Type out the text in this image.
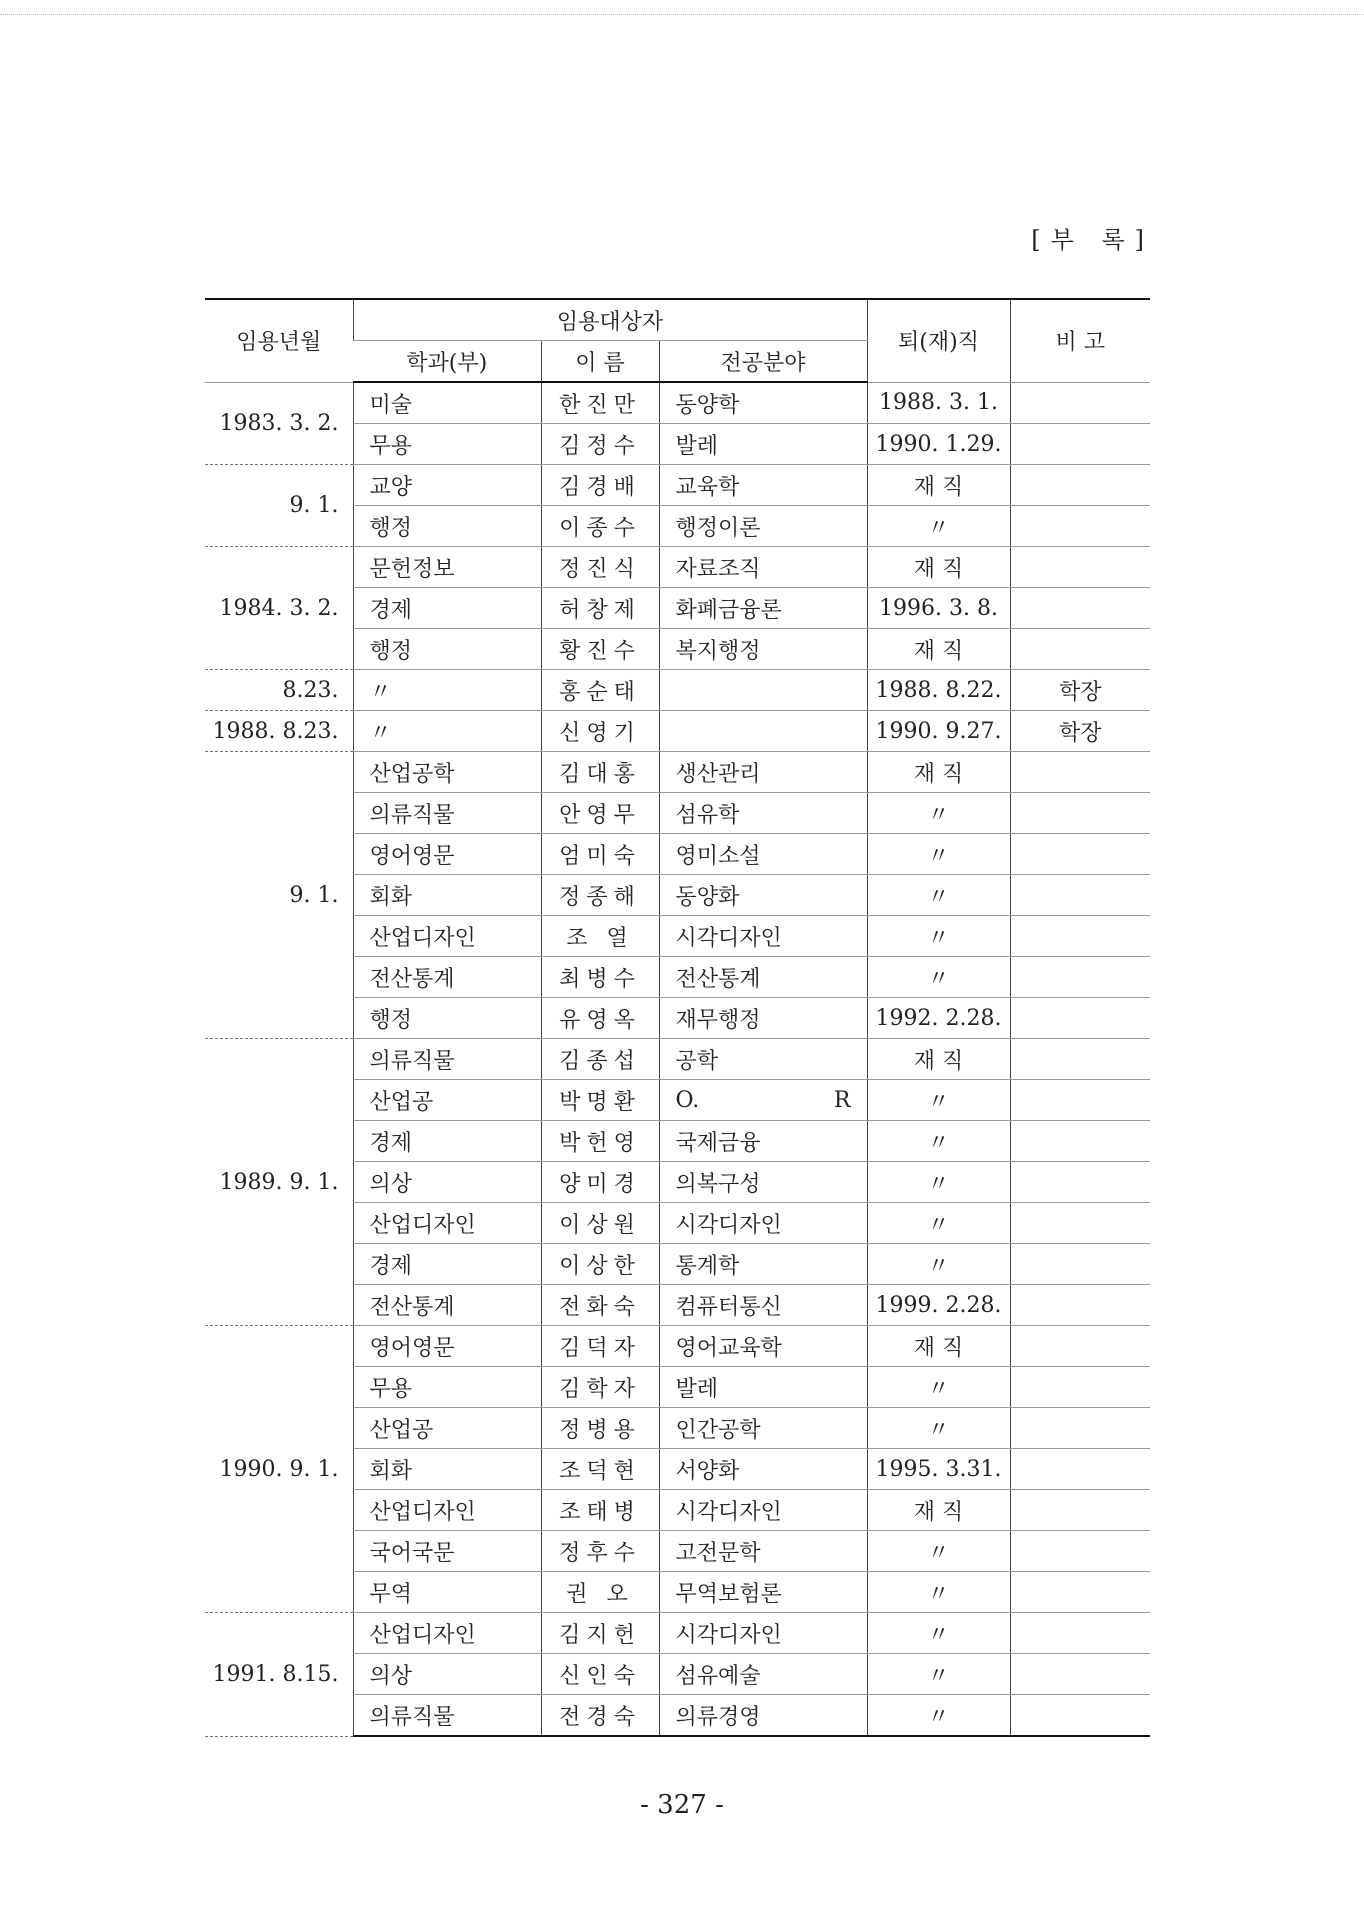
[부 록]
임용년월	임용대상자			퇴(재)직	비 고
	학과(부)	이 름	전공분야		
1983. 3. 2.	미술	한진만	동양학	1988. 3. 1.	
	무용	김정수	발레	1990. 1.29.	
9. 1.	교양	김경배	교육학	재 직	
	행정	이종수	행정이론	〃	
1984. 3. 2.	문헌정보	정진식	자료조직	재 직	
	경제	허창제	화폐금융론	1996. 3. 8.	
	행정	황진수	복지행정	재 직	
8.23.	〃	홍순태		1988. 8.22.	학장
1988. 8.23.	〃	신영기		1990. 9.27.	학장
9. 1.	산업공학	김대홍	생산관리	재 직	
	의류직물	안영무	섬유학	〃	
	영어영문	엄미숙	영미소설	〃	
	회화	정종해	동양화	〃	
	산업디자인	조 열	시각디자인	〃	
	전산통계	최병수	전산통계	〃	
	행정	유영옥	재무행정	1992. 2.28.	
1989. 9. 1.	의류직물	김종섭	공학	재 직	
	산업공	박명환	O. R	〃	
	경제	박헌영	국제금융	〃	
	의상	양미경	의복구성	〃	
	산업디자인	이상원	시각디자인	〃	
	경제	이상한	통계학	〃	
	전산통계	전화숙	컴퓨터통신	1999. 2.28.	
1990. 9. 1.	영어영문	김덕자	영어교육학	재 직	
	무용	김학자	발레	〃	
	산업공	정병용	인간공학	〃	
	회화	조덕현	서양화	1995. 3.31.	
	산업디자인	조태병	시각디자인	재 직	
	국어국문	정후수	고전문학	〃	
	무역	권 오	무역보험론	〃	
1991. 8.15.	산업디자인	김지헌	시각디자인	〃	
	의상	신인숙	섬유예술	〃	
	의류직물	전경숙	의류경영	〃	
- 327 -
